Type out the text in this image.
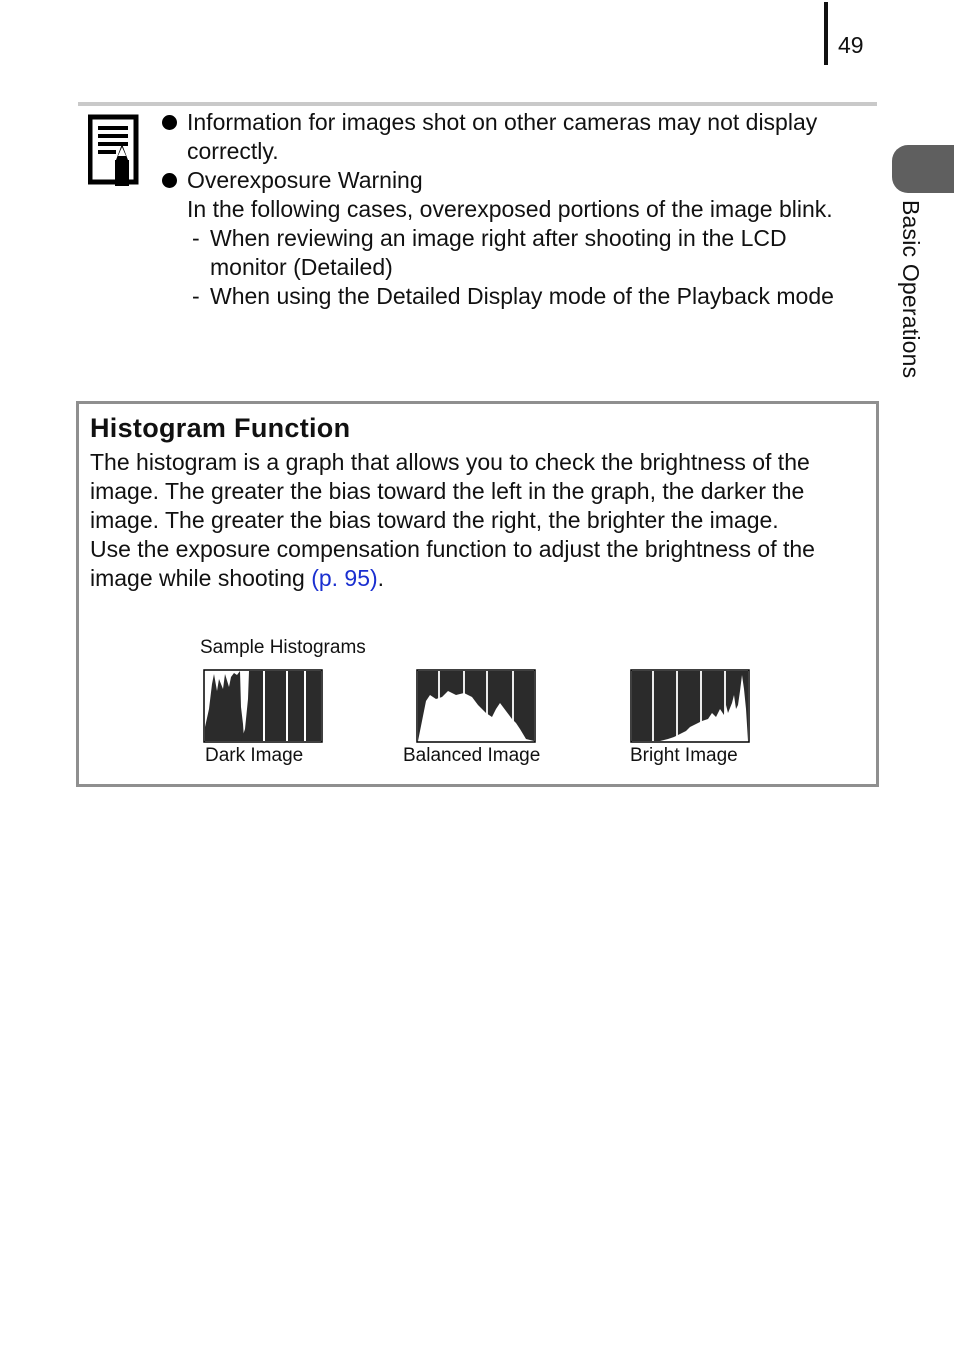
49
Basic Operations
Information for images shot on other cameras may not display correctly.
Overexposure Warning
In the following cases, overexposed portions of the image blink.
- When reviewing an image right after shooting in the LCD monitor (Detailed)
- When using the Detailed Display mode of the Playback mode
Histogram Function
The histogram is a graph that allows you to check the brightness of the image. The greater the bias toward the left in the graph, the darker the image. The greater the bias toward the right, the brighter the image.
Use the exposure compensation function to adjust the brightness of the image while shooting (p. 95).
Sample Histograms
Dark Image	Balanced Image	Bright Image
